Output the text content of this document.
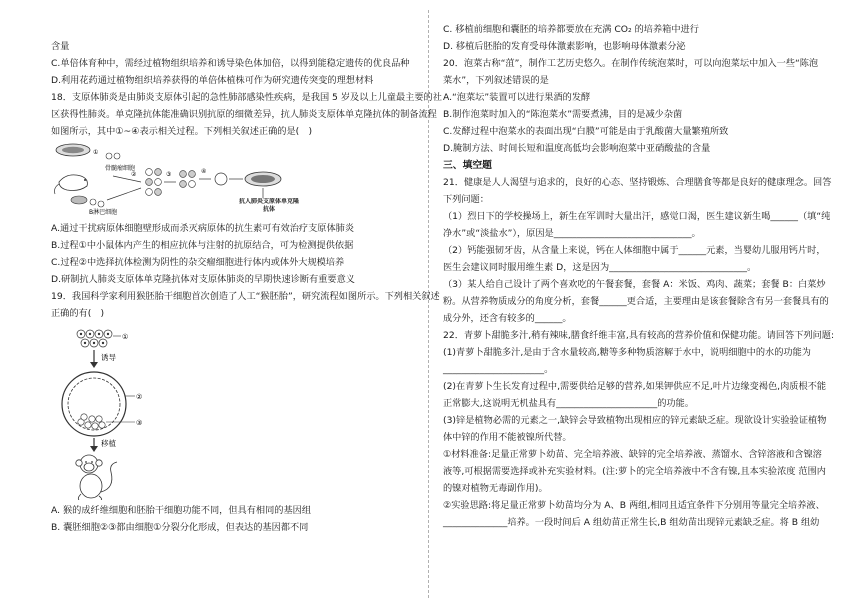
含量
C.单倍体育种中，需经过植物组织培养和诱导染色体加倍，以得到能稳定遗传的优良品种
D.利用花药通过植物组织培养获得的单倍体植株可作为研究遗传突变的理想材料
18．支原体肺炎是由肺炎支原体引起的急性肺部感染性疾病，是我国 5 岁及以上儿童最主要的社
区获得性肺炎。单克隆抗体能准确识别抗原的细微差异，抗人肺炎支原体单克隆抗体的制备流程
如图所示，其中①~④表示相关过程。下列相关叙述正确的是(　)
①
B淋巴细胞
骨髓瘤细胞
②	③	④
抗人肺炎支原体单克隆抗体
A.通过干扰病原体细胞壁形成而杀灭病原体的抗生素可有效治疗支原体肺炎
B.过程①中小鼠体内产生的相应抗体与注射的抗原结合，可为检测提供依据
C.过程②中选择抗体检测为阴性的杂交瘤细胞进行体内或体外大规模培养
D.研制抗人肺炎支原体单克隆抗体对支原体肺炎的早期快速诊断有重要意义
19．我国科学家利用猴胚胎干细胞首次创造了人工“猴胚胎”，研究流程如图所示。下列相关叙述
正确的有(　)
①
诱导
②
③
移植
A. 猴的成纤维细胞和胚胎干细胞功能不同，但具有相同的基因组
B. 囊胚细胞②③都由细胞①分裂分化形成，但表达的基因都不同
C. 移植前细胞和囊胚的培养都要放在充满 CO₂ 的培养箱中进行
D. 移植后胚胎的发育受母体激素影响，也影响母体激素分泌
20．泡菜古称“菹”，制作工艺历史悠久。在制作传统泡菜时，可以向泡菜坛中加入一些“陈泡
菜水”，下列叙述错误的是
A.“泡菜坛”装置可以进行果酒的发酵
B.制作泡菜时加入的“陈泡菜水”需要煮沸，目的是减少杂菌
C.发酵过程中泡菜水的表面出现“白膜”可能是由于乳酸菌大量繁殖所致
D.腌制方法、时间长短和温度高低均会影响泡菜中亚硝酸盐的含量
三、填空题
21．健康是人人渴望与追求的，良好的心态、坚持锻炼、合理膳食等都是良好的健康理念。回答
下列问题：
（1）烈日下的学校操场上，新生在军训时大量出汗，感觉口渴，医生建议新生喝______（填“纯
净水”或“淡盐水”），原因是______________________________。
（2）钙能强韧牙齿，从含量上来说，钙在人体细胞中属于______元素，当婴幼儿服用钙片时，
医生会建议同时服用维生素 D，这是因为______________________________。
（3）某人给自己设计了两个喜欢吃的午餐套餐，套餐 A：米饭、鸡肉、蔬菜；套餐 B：白菜炒
粉。从营养物质成分的角度分析，套餐______更合适，主要理由是该套餐除含有另一套餐具有的
成分外，还含有较多的______。
22．青萝卜甜脆多汁,稍有辣味,膳食纤维丰富,具有较高的营养价值和保健功能。请回答下列问题:
(1)青萝卜甜脆多汁,是由于含水量较高,糖等多种物质溶解于水中，说明细胞中的水的功能为
______________________。
(2)在青萝卜生长发育过程中,需要供给足够的营养,如果钾供应不足,叶片边缘变褐色,肉质根不能
正常膨大,这说明无机盐具有______________________的功能。
(3)锌是植物必需的元素之一,缺锌会导致植物出现相应的锌元素缺乏症。现欲设计实验验证植物
体中锌的作用不能被镍所代替。
①材料准备:足量正常萝卜幼苗、完全培养液、缺锌的完全培养液、蒸馏水、含锌溶液和含镍溶
液等,可根据需要选择或补充实验材料。(注:萝卜的完全培养液中不含有镍,且本实验浓度 范围内
的镍对植物无毒副作用)。
②实验思路:将足量正常萝卜幼苗均分为 A、B 两组,相同且适宜条件下分别用等量完全培养液、
______________培养。一段时间后 A 组幼苗正常生长,B 组幼苗出现锌元素缺乏症。将 B 组幼
